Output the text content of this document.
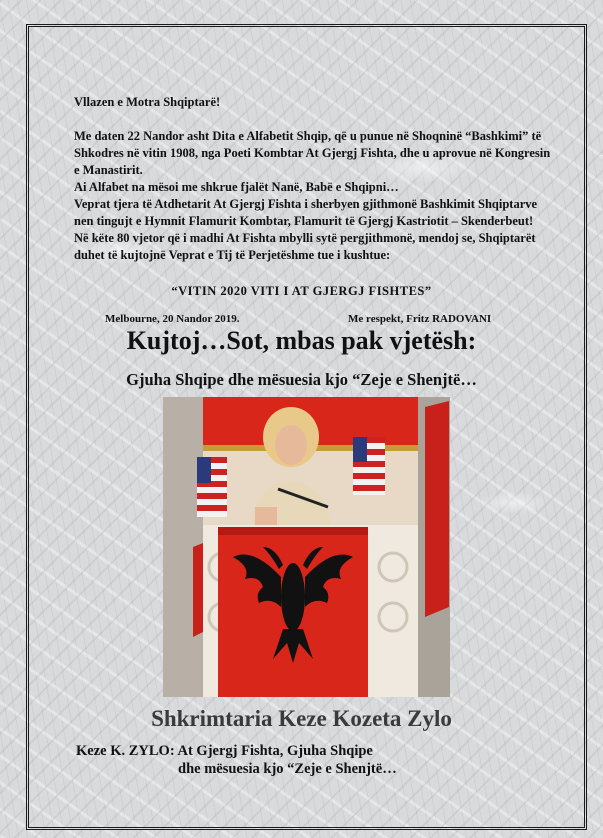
Vllazen e Motra Shqiptarë!

Me daten 22 Nandor asht Dita e Alfabetit Shqip, që u punue në Shoqninë “Bashkimi” të Shkodres në vitin 1908, nga Poeti Kombtar At Gjergj Fishta, dhe u aprovue në Kongresin e Manastirit.

Ai Alfabet na mësoi me shkrue fjalët Nanë, Babë e Shqipni…

Veprat tjera të Atdhetarit At Gjergj Fishta i sherbyen gjithmonë Bashkimit Shqiptarve nen tingujt e Hymnit Flamurit Kombtar, Flamurit të Gjergj Kastriotit – Skenderbeut!

Në këte 80 vjetor që i madhi At Fishta mbylli sytë pergjithmonë, mendoj se, Shqiptarët duhet të kujtojnë Veprat e Tij të Perjetëshme tue i kushtue:

“VITIN 2020 VITI I AT GJERGJ FISHTES”
Melbourne, 20 Nandor 2019.	Me respekt, Fritz RADOVANI
Kujtoj…Sot, mbas pak vjetësh:
Gjuha Shqipe dhe mësuesia kjo “Zeje e Shenjtë…
Shkrimtaria Keze Kozeta Zylo
Keze K. ZYLO: At Gjergj Fishta, Gjuha Shqipe
dhe mësuesia kjo “Zeje e Shenjtë…
